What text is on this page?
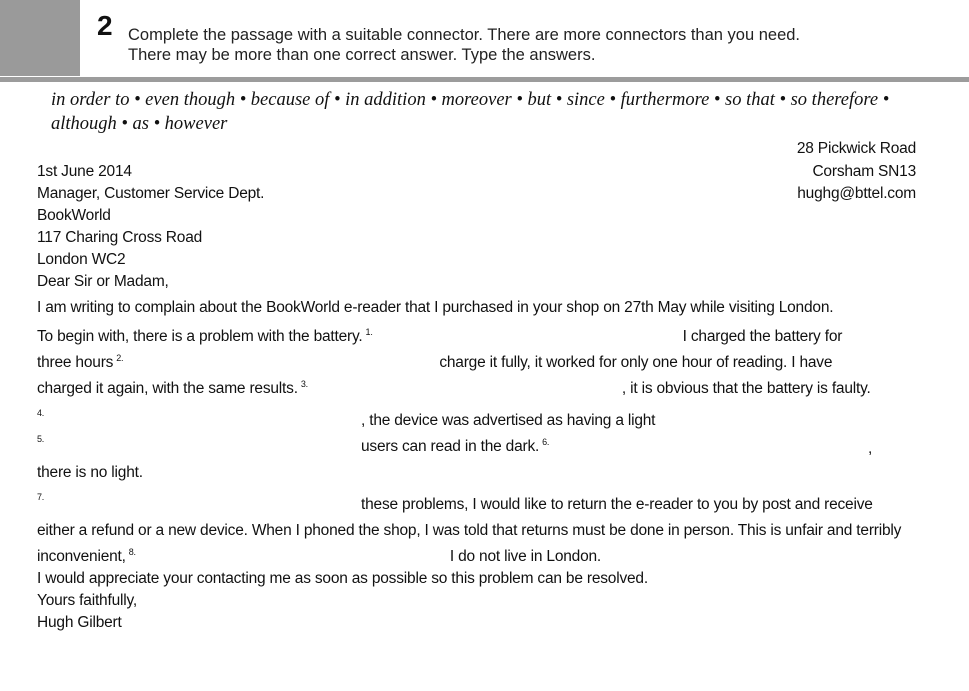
2 Complete the passage with a suitable connector. There are more connectors than you need.
There may be more than one correct answer. Type the answers.
in order to • even though • because of • in addition • moreover • but • since • furthermore • so that • so therefore • although • as • however
28 Pickwick Road
Corsham SN13
hughg@bttel.com
1st June 2014
Manager, Customer Service Dept.
BookWorld
117 Charing Cross Road
London WC2
Dear Sir or Madam,
I am writing to complain about the BookWorld e-reader that I purchased in your shop on 27th May while visiting London.
To begin with, there is a problem with the battery. $^{1.}$	I charged the battery for
three hours $^{2.}$	charge it fully, it worked for only one hour of reading. I have
charged it again, with the same results. $^{3.}$	, it is obvious that the battery is faulty.
$^{4.}$	, the device was advertised as having a light
$^{5.}$	users can read in the dark. $^{6.}$	,
there is no light.
$^{7.}$	these problems, I would like to return the e-reader to you by post and receive
either a refund or a new device. When I phoned the shop, I was told that returns must be done in person. This is unfair and terribly
inconvenient, $^{8.}$	I do not live in London.
I would appreciate your contacting me as soon as possible so this problem can be resolved.
Yours faithfully,
Hugh Gilbert
